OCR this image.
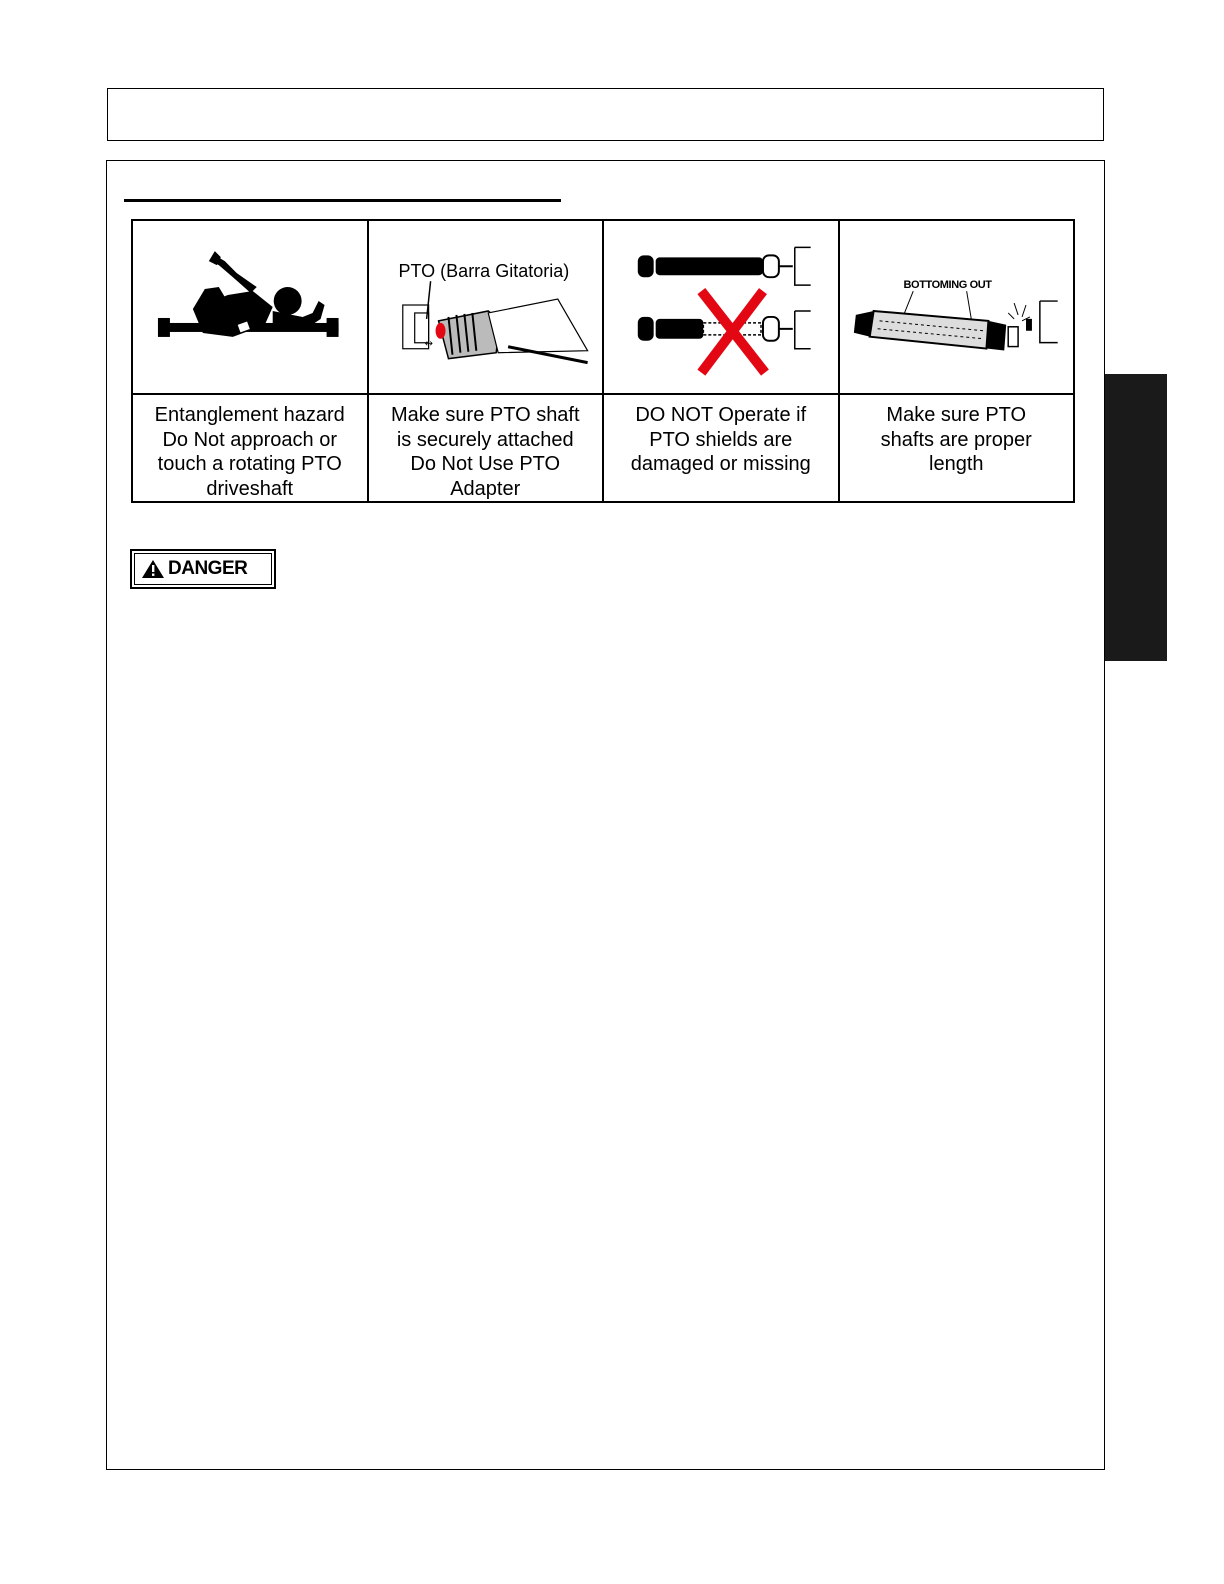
PTO (Barra Gitatoria)
↔		BOTTOMING OUT

Entanglement hazard
Do Not approach or
touch a rotating PTO
driveshaft	Make sure PTO shaft
is securely attached
Do Not Use PTO
Adapter	DO NOT Operate if
PTO shields are
damaged or missing	Make sure PTO
shafts are proper
length
DANGER
